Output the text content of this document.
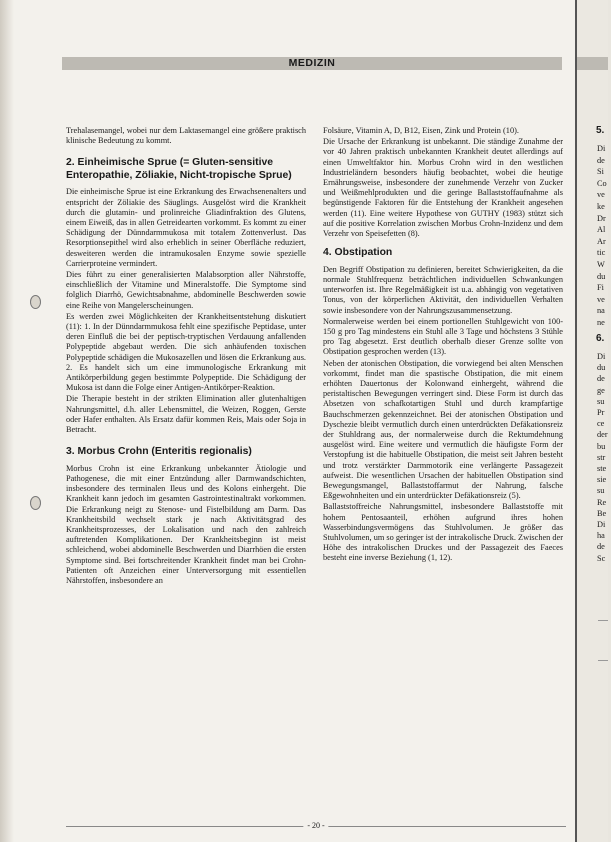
MEDIZIN

Trehalasemangel, wobei nur dem Laktasemangel eine größere praktisch klinische Bedeutung zu kommt.

2. Einheimische Sprue (= Gluten-sensitive Enteropathie, Zöliakie, Nicht-tropische Sprue)

Die einheimische Sprue ist eine Erkrankung des Erwachsenenalters und entspricht der Zöliakie des Säuglings. Ausgelöst wird die Krankheit durch die glutamin- und prolinreiche Gliadinfraktion des Glutens, einem Eiweiß, das in allen Getreidearten vorkommt. Es kommt zu einer Schädigung der Dünndarmmukosa mit totalem Zottenverlust. Das Resorptionsepithel wird also erheblich in seiner Oberfläche reduziert, desweiteren werden die intramukosalen Enzyme sowie spezielle Carrierproteine vermindert.

Dies führt zu einer generalisierten Malabsorption aller Nährstoffe, einschließlich der Vitamine und Mineralstoffe. Die Symptome sind folglich Diarrhö, Gewichtsabnahme, abdominelle Beschwerden sowie eine Reihe von Mangelerscheinungen.

Es werden zwei Möglichkeiten der Krankheitsentstehung diskutiert (11): 1. In der Dünndarmmukosa fehlt eine spezifische Peptidase, unter deren Einfluß die bei der peptisch-tryptischen Verdauung anfallenden Polypeptide abgebaut werden. Die sich anhäufenden toxischen Polypeptide schädigen die Mukosazellen und lösen die Erkrankung aus. 2. Es handelt sich um eine immunologische Erkrankung mit Antikörperbildung gegen bestimmte Polypeptide. Die Schädigung der Mukosa ist dann die Folge einer Antigen-Antikörper-Reaktion.

Die Therapie besteht in der strikten Elimination aller glutenhaltigen Nahrungsmittel, d.h. aller Lebensmittel, die Weizen, Roggen, Gerste oder Hafer enthalten. Als Ersatz dafür kommen Reis, Mais oder Soja in Betracht.

3. Morbus Crohn (Enteritis regionalis)

Morbus Crohn ist eine Erkrankung unbekannter Ätiologie und Pathogenese, die mit einer Entzündung aller Darmwandschichten, insbesondere des terminalen Ileus und des Kolons einhergeht. Die Krankheit kann jedoch im gesamten Gastrointestinaltrakt vorkommen. Die Erkrankung neigt zu Stenose- und Fistelbildung am Darm. Das Krankheitsbild wechselt stark je nach Aktivitätsgrad des Krankheitsprozesses, der Lokalisation und nach den zahlreich auftretenden Komplikationen. Der Krankheitsbeginn ist meist schleichend, wobei abdominelle Beschwerden und Diarrhöen die ersten Symptome sind. Bei fortschreitender Krankheit findet man bei Crohn-Patienten oft Anzeichen einer Unterversorgung mit essentiellen Nährstoffen, insbesondere an

Folsäure, Vitamin A, D, B12, Eisen, Zink und Protein (10).

Die Ursache der Erkrankung ist unbekannt. Die ständige Zunahme der vor 40 Jahren praktisch unbekannten Krankheit deutet allerdings auf einen Umweltfaktor hin. Morbus Crohn wird in den westlichen Industrieländern besonders häufig beobachtet, wobei die heutige Ernährungsweise, insbesondere der zunehmende Verzehr von Zucker und Weißmehlprodukten und die geringe Ballaststoffaufnahme als begünstigende Faktoren für die Entstehung der Krankheit angesehen werden (11). Eine weitere Hypothese von GUTHY (1983) stützt sich auf die positive Korrelation zwischen Morbus Crohn-Inzidenz und dem Verzehr von Speisefetten (8).

4. Obstipation

Den Begriff Obstipation zu definieren, bereitet Schwierigkeiten, da die normale Stuhlfrequenz beträchtlichen individuellen Schwankungen unterworfen ist. Ihre Regelmäßigkeit ist u.a. abhängig von vegetativen Tonus, von der körperlichen Aktivität, den individuellen Verhalten sowie insbesondere von der Nahrungszusammensetzung.

Normalerweise werden bei einem portionellen Stuhlgewicht von 100-150 g pro Tag mindestens ein Stuhl alle 3 Tage und höchstens 3 Stühle pro Tag abgesetzt. Erst deutlich oberhalb dieser Grenze sollte von Obstipation gesprochen werden (13).

Neben der atonischen Obstipation, die vorwiegend bei alten Menschen vorkommt, findet man die spastische Obstipation, die mit einem erhöhten Dauertonus der Kolonwand einhergeht, während die peristaltischen Bewegungen verringert sind. Diese Form ist durch das Absetzen von schafkotartigen Stuhl und durch krampfartige Bauchschmerzen gekennzeichnet. Bei der atonischen Obstipation und Dyschezie bleibt vermutlich durch einen unterdrückten Defäkationsreiz der Stuhldrang aus, der normalerweise durch die Rektumdehnung ausgelöst wird. Eine weitere und vermutlich die häufigste Form der Verstopfung ist die habituelle Obstipation, die meist seit Jahren besteht und trotz verstärkter Darmmotorik eine verlängerte Passagezeit aufweist. Die wesentlichen Ursachen der habituellen Obstipation sind Bewegungsmangel, Ballaststoffarmut der Nahrung, falsche Eßgewohnheiten und ein unterdrückter Defäkationsreiz (5).

Ballaststoffreiche Nahrungsmittel, insbesondere Ballaststoffe mit hohem Pentosaanteil, erhöhen aufgrund ihres hohen Wasserbindungsvermögens das Stuhlvolumen. Je größer das Stuhlvolumen, um so geringer ist der intrakolische Druck. Zwischen der Höhe des intrakolischen Druckes und der Passagezeit des Faeces besteht eine inverse Beziehung (1, 12).

- 20 -
5.
6.
Di
de
Si
Co
ve
ke
Dr
Al
Ar
tic
W
du
Fi
ve
na
ne
Di
du
de
ge
su
Pr
ce
der
bu
str
ste
sie
su
Re
Be
Di
ha
de
Sc
